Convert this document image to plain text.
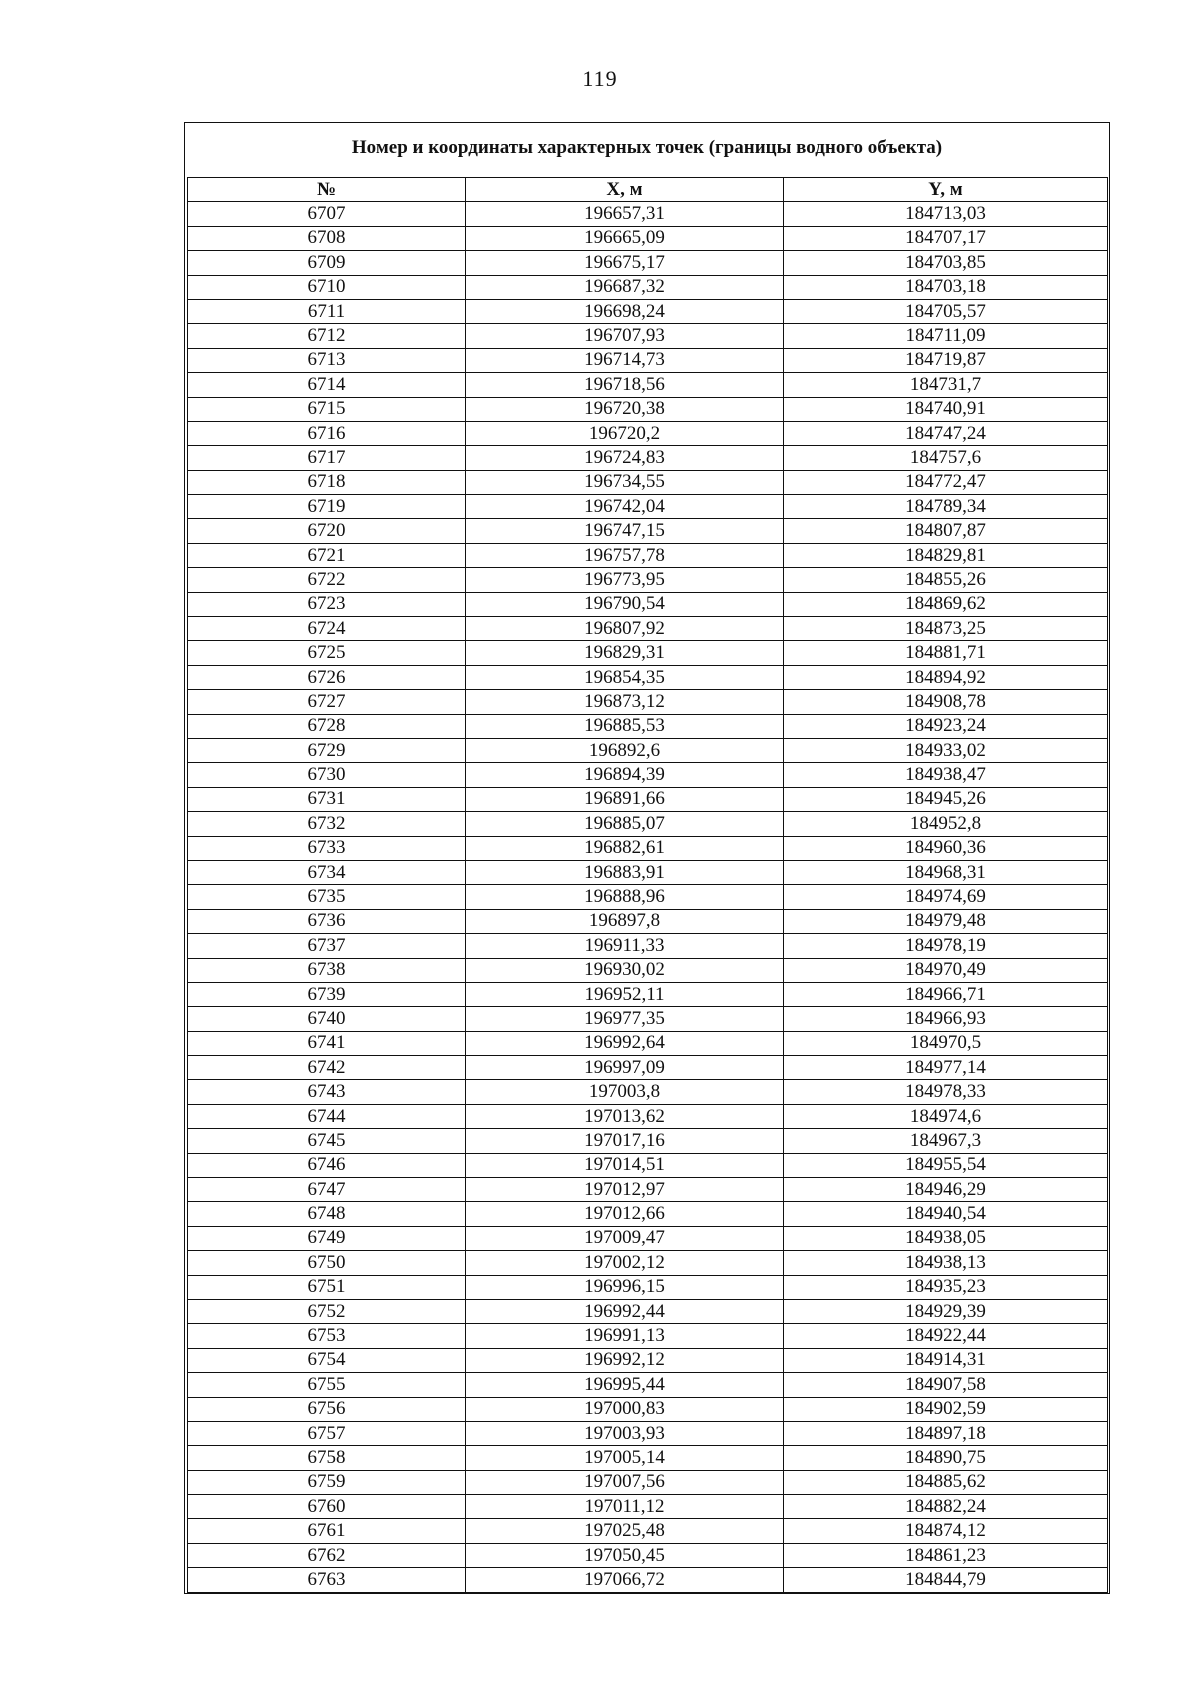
119
Номер и координаты характерных точек (границы водного объекта)
№	X, м	Y, м
6707	196657,31	184713,03
6708	196665,09	184707,17
6709	196675,17	184703,85
6710	196687,32	184703,18
6711	196698,24	184705,57
6712	196707,93	184711,09
6713	196714,73	184719,87
6714	196718,56	184731,7
6715	196720,38	184740,91
6716	196720,2	184747,24
6717	196724,83	184757,6
6718	196734,55	184772,47
6719	196742,04	184789,34
6720	196747,15	184807,87
6721	196757,78	184829,81
6722	196773,95	184855,26
6723	196790,54	184869,62
6724	196807,92	184873,25
6725	196829,31	184881,71
6726	196854,35	184894,92
6727	196873,12	184908,78
6728	196885,53	184923,24
6729	196892,6	184933,02
6730	196894,39	184938,47
6731	196891,66	184945,26
6732	196885,07	184952,8
6733	196882,61	184960,36
6734	196883,91	184968,31
6735	196888,96	184974,69
6736	196897,8	184979,48
6737	196911,33	184978,19
6738	196930,02	184970,49
6739	196952,11	184966,71
6740	196977,35	184966,93
6741	196992,64	184970,5
6742	196997,09	184977,14
6743	197003,8	184978,33
6744	197013,62	184974,6
6745	197017,16	184967,3
6746	197014,51	184955,54
6747	197012,97	184946,29
6748	197012,66	184940,54
6749	197009,47	184938,05
6750	197002,12	184938,13
6751	196996,15	184935,23
6752	196992,44	184929,39
6753	196991,13	184922,44
6754	196992,12	184914,31
6755	196995,44	184907,58
6756	197000,83	184902,59
6757	197003,93	184897,18
6758	197005,14	184890,75
6759	197007,56	184885,62
6760	197011,12	184882,24
6761	197025,48	184874,12
6762	197050,45	184861,23
6763	197066,72	184844,79
